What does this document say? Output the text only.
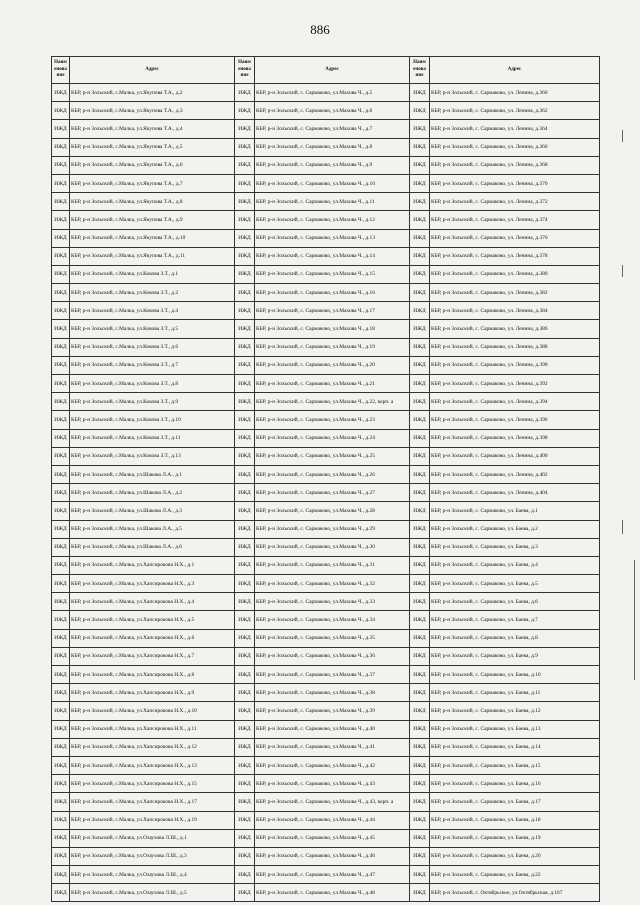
886
Наим енова ние	Адрес	Наим енова ние	Адрес	Наим енова ние	Адрес
ИЖД	КБР, р-н Зольский, с.Малка, ул.Якупова Т.А., д.2	ИЖД	КБР, р-н Зольский, с. Сармаково, ул.Махова Ч., д.5	ИЖД	КБР, р-н Зольский, с. Сармаково, ул. Ленина, д.360
ИЖД	КБР, р-н Зольский, с.Малка, ул.Якупова Т.А., д.3	ИЖД	КБР, р-н Зольский, с. Сармаково, ул.Махова Ч., д.6	ИЖД	КБР, р-н Зольский, с. Сармаково, ул. Ленина, д.362
ИЖД	КБР, р-н Зольский, с.Малка, ул.Якупова Т.А., д.4	ИЖД	КБР, р-н Зольский, с. Сармаково, ул.Махова Ч., д.7	ИЖД	КБР, р-н Зольский, с. Сармаково, ул. Ленина, д.364
ИЖД	КБР, р-н Зольский, с.Малка, ул.Якупова Т.А., д.5	ИЖД	КБР, р-н Зольский, с. Сармаково, ул.Махова Ч., д.8	ИЖД	КБР, р-н Зольский, с. Сармаково, ул. Ленина, д.366
ИЖД	КБР, р-н Зольский, с.Малка, ул.Якупова Т.А., д.6	ИЖД	КБР, р-н Зольский, с. Сармаково, ул.Махова Ч., д.9	ИЖД	КБР, р-н Зольский, с. Сармаково, ул. Ленина, д.368
ИЖД	КБР, р-н Зольский, с.Малка, ул.Якупова Т.А., д.7	ИЖД	КБР, р-н Зольский, с. Сармаково, ул.Махова Ч., д.10	ИЖД	КБР, р-н Зольский, с. Сармаково, ул. Ленина, д.370
ИЖД	КБР, р-н Зольский, с.Малка, ул.Якупова Т.А., д.8	ИЖД	КБР, р-н Зольский, с. Сармаково, ул.Махова Ч., д.11	ИЖД	КБР, р-н Зольский, с. Сармаково, ул. Ленина, д.372
ИЖД	КБР, р-н Зольский, с.Малка, ул.Якупова Т.А., д.9	ИЖД	КБР, р-н Зольский, с. Сармаково, ул.Махова Ч., д.12	ИЖД	КБР, р-н Зольский, с. Сармаково, ул. Ленина, д.374
ИЖД	КБР, р-н Зольский, с.Малка, ул.Якупова Т.А., д.10	ИЖД	КБР, р-н Зольский, с. Сармаково, ул.Махова Ч., д.13	ИЖД	КБР, р-н Зольский, с. Сармаково, ул. Ленина, д.376
ИЖД	КБР, р-н Зольский, с.Малка, ул.Якупова Т.А., д.11	ИЖД	КБР, р-н Зольский, с. Сармаково, ул.Махова Ч., д.14	ИЖД	КБР, р-н Зольский, с. Сармаково, ул. Ленина, д.378
ИЖД	КБР, р-н Зольский, с.Малка, ул.Кокова З.Т., д.1	ИЖД	КБР, р-н Зольский, с. Сармаково, ул.Махова Ч., д.15	ИЖД	КБР, р-н Зольский, с. Сармаково, ул. Ленина, д.380
ИЖД	КБР, р-н Зольский, с.Малка, ул.Кокова З.Т., д.2	ИЖД	КБР, р-н Зольский, с. Сармаково, ул.Махова Ч., д.16	ИЖД	КБР, р-н Зольский, с. Сармаково, ул. Ленина, д.382
ИЖД	КБР, р-н Зольский, с.Малка, ул.Кокова З.Т., д.4	ИЖД	КБР, р-н Зольский, с. Сармаково, ул.Махова Ч., д.17	ИЖД	КБР, р-н Зольский, с. Сармаково, ул. Ленина, д.384
ИЖД	КБР, р-н Зольский, с.Малка, ул.Кокова З.Т., д.5	ИЖД	КБР, р-н Зольский, с. Сармаково, ул.Махова Ч., д.18	ИЖД	КБР, р-н Зольский, с. Сармаково, ул. Ленина, д.386
ИЖД	КБР, р-н Зольский, с.Малка, ул.Кокова З.Т., д.6	ИЖД	КБР, р-н Зольский, с. Сармаково, ул.Махова Ч., д.19	ИЖД	КБР, р-н Зольский, с. Сармаково, ул. Ленина, д.388
ИЖД	КБР, р-н Зольский, с.Малка, ул.Кокова З.Т., д.7	ИЖД	КБР, р-н Зольский, с. Сармаково, ул.Махова Ч., д.20	ИЖД	КБР, р-н Зольский, с. Сармаково, ул. Ленина, д.390
ИЖД	КБР, р-н Зольский, с.Малка, ул.Кокова З.Т., д.8	ИЖД	КБР, р-н Зольский, с. Сармаково, ул.Махова Ч., д.21	ИЖД	КБР, р-н Зольский, с. Сармаково, ул. Ленина, д.392
ИЖД	КБР, р-н Зольский, с.Малка, ул.Кокова З.Т., д.9	ИЖД	КБР, р-н Зольский, с. Сармаково, ул.Махова Ч., д.22, корп. а	ИЖД	КБР, р-н Зольский, с. Сармаково, ул. Ленина, д.394
ИЖД	КБР, р-н Зольский, с.Малка, ул.Кокова З.Т., д.10	ИЖД	КБР, р-н Зольский, с. Сармаково, ул.Махова Ч., д.23	ИЖД	КБР, р-н Зольский, с. Сармаково, ул. Ленина, д.396
ИЖД	КБР, р-н Зольский, с.Малка, ул.Кокова З.Т., д.11	ИЖД	КБР, р-н Зольский, с. Сармаково, ул.Махова Ч., д.24	ИЖД	КБР, р-н Зольский, с. Сармаково, ул. Ленина, д.398
ИЖД	КБР, р-н Зольский, с.Малка, ул.Кокова З.Т., д.13	ИЖД	КБР, р-н Зольский, с. Сармаково, ул.Махова Ч., д.25	ИЖД	КБР, р-н Зольский, с. Сармаково, ул. Ленина, д.400
ИЖД	КБР, р-н Зольский, с.Малка, ул.Шакова Л.А., д.1	ИЖД	КБР, р-н Зольский, с. Сармаково, ул.Махова Ч., д.26	ИЖД	КБР, р-н Зольский, с. Сармаково, ул. Ленина, д.402
ИЖД	КБР, р-н Зольский, с.Малка, ул.Шакова Л.А., д.2	ИЖД	КБР, р-н Зольский, с. Сармаково, ул.Махова Ч., д.27	ИЖД	КБР, р-н Зольский, с. Сармаково, ул. Ленина, д.404
ИЖД	КБР, р-н Зольский, с.Малка, ул.Шакова Л.А., д.3	ИЖД	КБР, р-н Зольский, с. Сармаково, ул.Махова Ч., д.28	ИЖД	КБР, р-н Зольский, с. Сармаково, ул. Баева, д.1
ИЖД	КБР, р-н Зольский, с.Малка, ул.Шакова Л.А., д.5	ИЖД	КБР, р-н Зольский, с. Сармаково, ул.Махова Ч., д.29	ИЖД	КБР, р-н Зольский, с. Сармаково, ул. Баева, д.2
ИЖД	КБР, р-н Зольский, с.Малка, ул.Шакова Л.А., д.6	ИЖД	КБР, р-н Зольский, с. Сармаково, ул.Махова Ч., д.30	ИЖД	КБР, р-н Зольский, с. Сармаково, ул. Баева, д.3
ИЖД	КБР, р-н Зольский, с.Малка, ул.Хапсирокова Н.Х., д.1	ИЖД	КБР, р-н Зольский, с. Сармаково, ул.Махова Ч., д.31	ИЖД	КБР, р-н Зольский, с. Сармаково, ул. Баева, д.4
ИЖД	КБР, р-н Зольский, с.Малка, ул.Хапсирокова Н.Х., д.3	ИЖД	КБР, р-н Зольский, с. Сармаково, ул.Махова Ч., д.32	ИЖД	КБР, р-н Зольский, с. Сармаково, ул. Баева, д.5
ИЖД	КБР, р-н Зольский, с.Малка, ул.Хапсирокова Н.Х., д.4	ИЖД	КБР, р-н Зольский, с. Сармаково, ул.Махова Ч., д.33	ИЖД	КБР, р-н Зольский, с. Сармаково, ул. Баева, д.6
ИЖД	КБР, р-н Зольский, с.Малка, ул.Хапсирокова Н.Х., д.5	ИЖД	КБР, р-н Зольский, с. Сармаково, ул.Махова Ч., д.34	ИЖД	КБР, р-н Зольский, с. Сармаково, ул. Баева, д.7
ИЖД	КБР, р-н Зольский, с.Малка, ул.Хапсирокова Н.Х., д.6	ИЖД	КБР, р-н Зольский, с. Сармаково, ул.Махова Ч., д.35	ИЖД	КБР, р-н Зольский, с. Сармаково, ул. Баева, д.8
ИЖД	КБР, р-н Зольский, с.Малка, ул.Хапсирокова Н.Х., д.7	ИЖД	КБР, р-н Зольский, с. Сармаково, ул.Махова Ч., д.36	ИЖД	КБР, р-н Зольский, с. Сармаково, ул. Баева, д.9
ИЖД	КБР, р-н Зольский, с.Малка, ул.Хапсирокова Н.Х., д.8	ИЖД	КБР, р-н Зольский, с. Сармаково, ул.Махова Ч., д.37	ИЖД	КБР, р-н Зольский, с. Сармаково, ул. Баева, д.10
ИЖД	КБР, р-н Зольский, с.Малка, ул.Хапсирокова Н.Х., д.9	ИЖД	КБР, р-н Зольский, с. Сармаково, ул.Махова Ч., д.38	ИЖД	КБР, р-н Зольский, с. Сармаково, ул. Баева, д.11
ИЖД	КБР, р-н Зольский, с.Малка, ул.Хапсирокова Н.Х., д.10	ИЖД	КБР, р-н Зольский, с. Сармаково, ул.Махова Ч., д.39	ИЖД	КБР, р-н Зольский, с. Сармаково, ул. Баева, д.12
ИЖД	КБР, р-н Зольский, с.Малка, ул.Хапсирокова Н.Х., д.11	ИЖД	КБР, р-н Зольский, с. Сармаково, ул.Махова Ч., д.40	ИЖД	КБР, р-н Зольский, с. Сармаково, ул. Баева, д.13
ИЖД	КБР, р-н Зольский, с.Малка, ул.Хапсирокова Н.Х., д.12	ИЖД	КБР, р-н Зольский, с. Сармаково, ул.Махова Ч., д.41	ИЖД	КБР, р-н Зольский, с. Сармаково, ул. Баева, д.14
ИЖД	КБР, р-н Зольский, с.Малка, ул.Хапсирокова Н.Х., д.13	ИЖД	КБР, р-н Зольский, с. Сармаково, ул.Махова Ч., д.42	ИЖД	КБР, р-н Зольский, с. Сармаково, ул. Баева, д.15
ИЖД	КБР, р-н Зольский, с.Малка, ул.Хапсирокова Н.Х., д.15	ИЖД	КБР, р-н Зольский, с. Сармаково, ул.Махова Ч., д.43	ИЖД	КБР, р-н Зольский, с. Сармаково, ул. Баева, д.16
ИЖД	КБР, р-н Зольский, с.Малка, ул.Хапсирокова Н.Х., д.17	ИЖД	КБР, р-н Зольский, с. Сармаково, ул.Махова Ч., д.43, корп. а	ИЖД	КБР, р-н Зольский, с. Сармаково, ул. Баева, д.17
ИЖД	КБР, р-н Зольский, с.Малка, ул.Хапсирокова Н.Х., д.19	ИЖД	КБР, р-н Зольский, с. Сармаково, ул.Махова Ч., д.44	ИЖД	КБР, р-н Зольский, с. Сармаково, ул. Баева, д.18
ИЖД	КБР, р-н Зольский, с.Малка, ул.Озаухова Л.Ш., д.1	ИЖД	КБР, р-н Зольский, с. Сармаково, ул.Махова Ч., д.45	ИЖД	КБР, р-н Зольский, с. Сармаково, ул. Баева, д.19
ИЖД	КБР, р-н Зольский, с.Малка, ул.Озаухова Л.Ш., д.3	ИЖД	КБР, р-н Зольский, с. Сармаково, ул.Махова Ч., д.46	ИЖД	КБР, р-н Зольский, с. Сармаково, ул. Баева, д.20
ИЖД	КБР, р-н Зольский, с.Малка, ул.Озаухова Л.Ш., д.4	ИЖД	КБР, р-н Зольский, с. Сармаково, ул.Махова Ч., д.47	ИЖД	КБР, р-н Зольский, с. Сармаково, ул. Баева, д.22
ИЖД	КБР, р-н Зольский, с.Малка, ул.Озаухова Л.Ш., д.5	ИЖД	КБР, р-н Зольский, с. Сармаково, ул.Махова Ч., д.48	ИЖД	КБР, р-н Зольский, с. Октябрьское, ул.Октябрьская, д.167
